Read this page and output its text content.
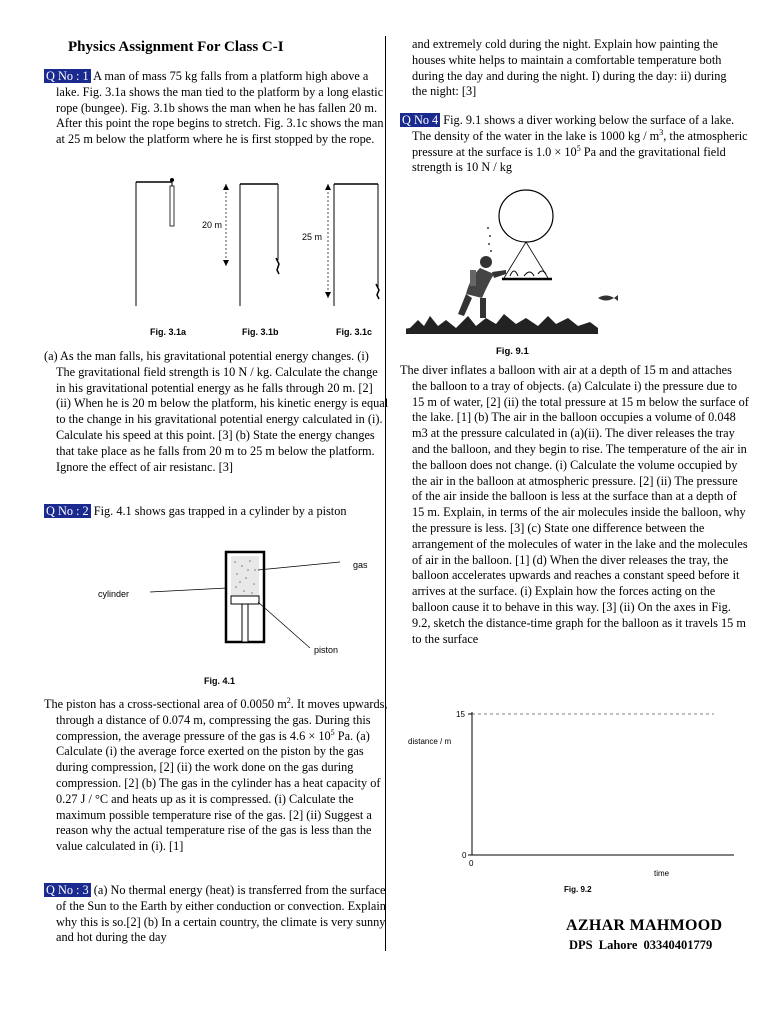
Physics Assignment For Class C-I

Q No : 1 A man of mass 75 kg falls from a platform high above a lake. Fig. 3.1a shows the man tied to the platform by a long elastic rope (bungee). Fig. 3.1b shows the man when he has fallen 20 m. After this point the rope begins to stretch. Fig. 3.1c shows the man at 25 m below the platform where he is first stopped by the rope.

20 m
25 m
Fig. 3.1a	Fig. 3.1b	Fig. 3.1c

(a) As the man falls, his gravitational potential energy changes. (i) The gravitational field strength is 10 N / kg. Calculate the change in his gravitational potential energy as he falls through 20 m. [2] (ii) When he is 20 m below the platform, his kinetic energy is equal to the change in his gravitational potential energy calculated in (i). Calculate his speed at this point. [3] (b) State the energy changes that take place as he falls from 20 m to 25 m below the platform. Ignore the effect of air resistanc. [3]

Q No : 2 Fig. 4.1 shows gas trapped in a cylinder by a piston

gas
cylinder
piston
Fig. 4.1

The piston has a cross-sectional area of 0.0050 $m^2$. It moves upwards, through a distance of 0.074 m, compressing the gas. During this compression, the average pressure of the gas is $4.6 \times 10^5$ Pa. (a) Calculate (i) the average force exerted on the piston by the gas during compression, [2] (ii) the work done on the gas during compression. [2] (b) The gas in the cylinder has a heat capacity of 0.27 J / °C and heats up as it is compressed. (i) Calculate the maximum possible temperature rise of the gas. [2] (ii) Suggest a reason why the actual temperature rise of the gas is less than the value calculated in (i). [1]

Q No : 3 (a) No thermal energy (heat) is transferred from the surface of the Sun to the Earth by either conduction or convection. Explain why this is so.[2] (b) In a certain country, the climate is very sunny and hot during the day

and extremely cold during the night. Explain how painting the houses white helps to maintain a comfortable temperature both during the day and during the night. I) during the day: ii) during the night: [3]

Q No 4 Fig. 9.1 shows a diver working below the surface of a lake. The density of the water in the lake is 1000 kg / $m^3$, the atmospheric pressure at the surface is $1.0 \times 10^5$ Pa and the gravitational field strength is 10 N / kg

Fig. 9.1

The diver inflates a balloon with air at a depth of 15 m and attaches the balloon to a tray of objects. (a) Calculate i) the pressure due to 15 m of water, [2] (ii) the total pressure at 15 m below the surface of the lake. [1] (b) The air in the balloon occupies a volume of 0.048 m3 at the pressure calculated in (a)(ii). The diver releases the tray and the balloon, and they begin to rise. The temperature of the air in the balloon does not change. (i) Calculate the volume occupied by the air in the balloon at atmospheric pressure. [2] (ii) The pressure of the air inside the balloon is less at the surface than at a depth of 15 m. Explain, in terms of the air molecules inside the balloon, why the pressure is less. [3] (c) State one difference between the arrangement of the molecules of water in the lake and the molecules of air in the balloon. [1] (d) When the diver releases the tray, the balloon accelerates upwards and reaches a constant speed before it arrives at the surface. (i) Explain how the forces acting on the balloon cause it to behave in this way. [3] (ii) On the axes in Fig. 9.2, sketch the distance-time graph for the balloon as it travels 15 m to the surface

15
0
0
distance / m
time
Fig. 9.2
AZHAR MAHMOOD
DPS Lahore 03340401779
